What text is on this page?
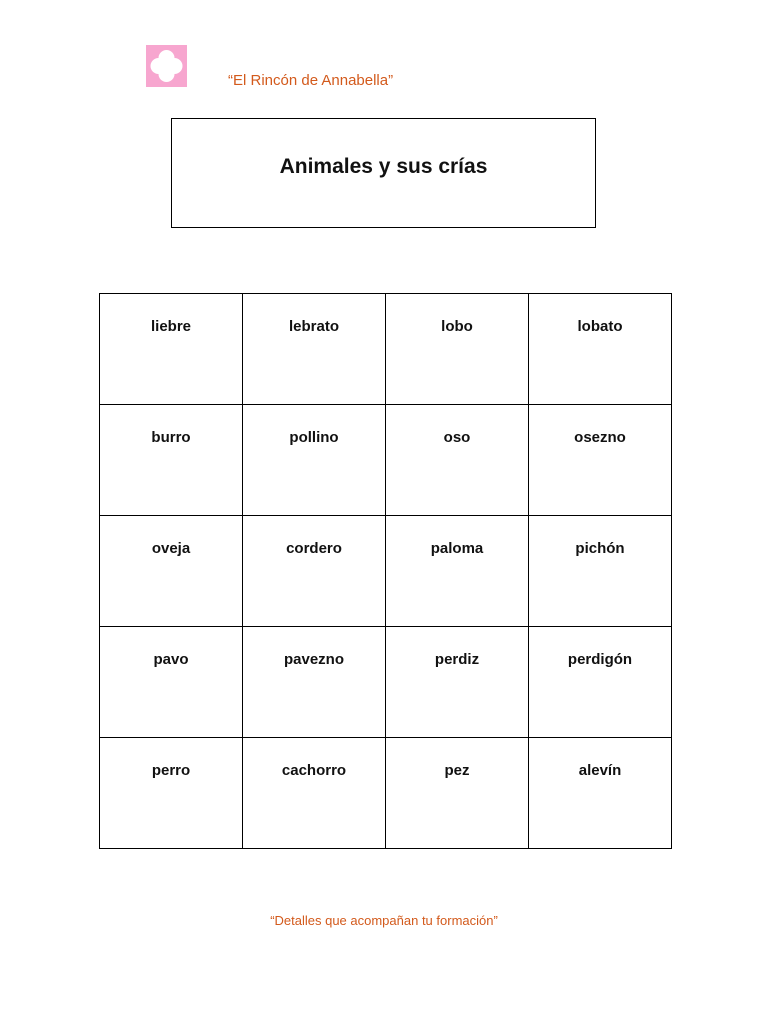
“El Rincón de Annabella”
Animales y sus crías
liebre	lebrato	lobo	lobato

burro	pollino	oso	osezno

oveja	cordero	paloma	pichón

pavo	pavezno	perdiz	perdigón

perro	cachorro	pez	alevín
“Detalles que acompañan tu formación”
